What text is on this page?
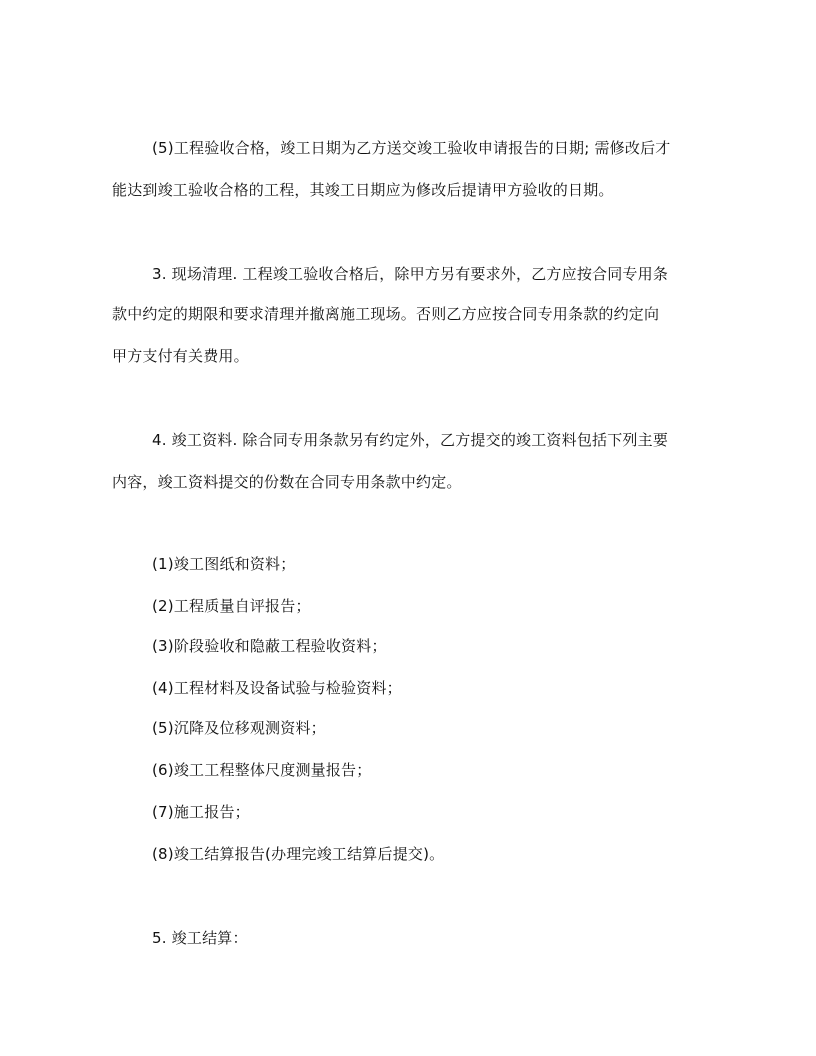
(5)工程验收合格，竣工日期为乙方送交竣工验收申请报告的日期; 需修改后才
能达到竣工验收合格的工程，其竣工日期应为修改后提请甲方验收的日期。
3. 现场清理. 工程竣工验收合格后，除甲方另有要求外，乙方应按合同专用条
款中约定的期限和要求清理并撤离施工现场。否则乙方应按合同专用条款的约定向
甲方支付有关费用。
4. 竣工资料. 除合同专用条款另有约定外，乙方提交的竣工资料包括下列主要
内容，竣工资料提交的份数在合同专用条款中约定。
(1)竣工图纸和资料；
(2)工程质量自评报告；
(3)阶段验收和隐蔽工程验收资料；
(4)工程材料及设备试验与检验资料；
(5)沉降及位移观测资料；
(6)竣工工程整体尺度测量报告；
(7)施工报告；
(8)竣工结算报告(办理完竣工结算后提交)。
5. 竣工结算：
